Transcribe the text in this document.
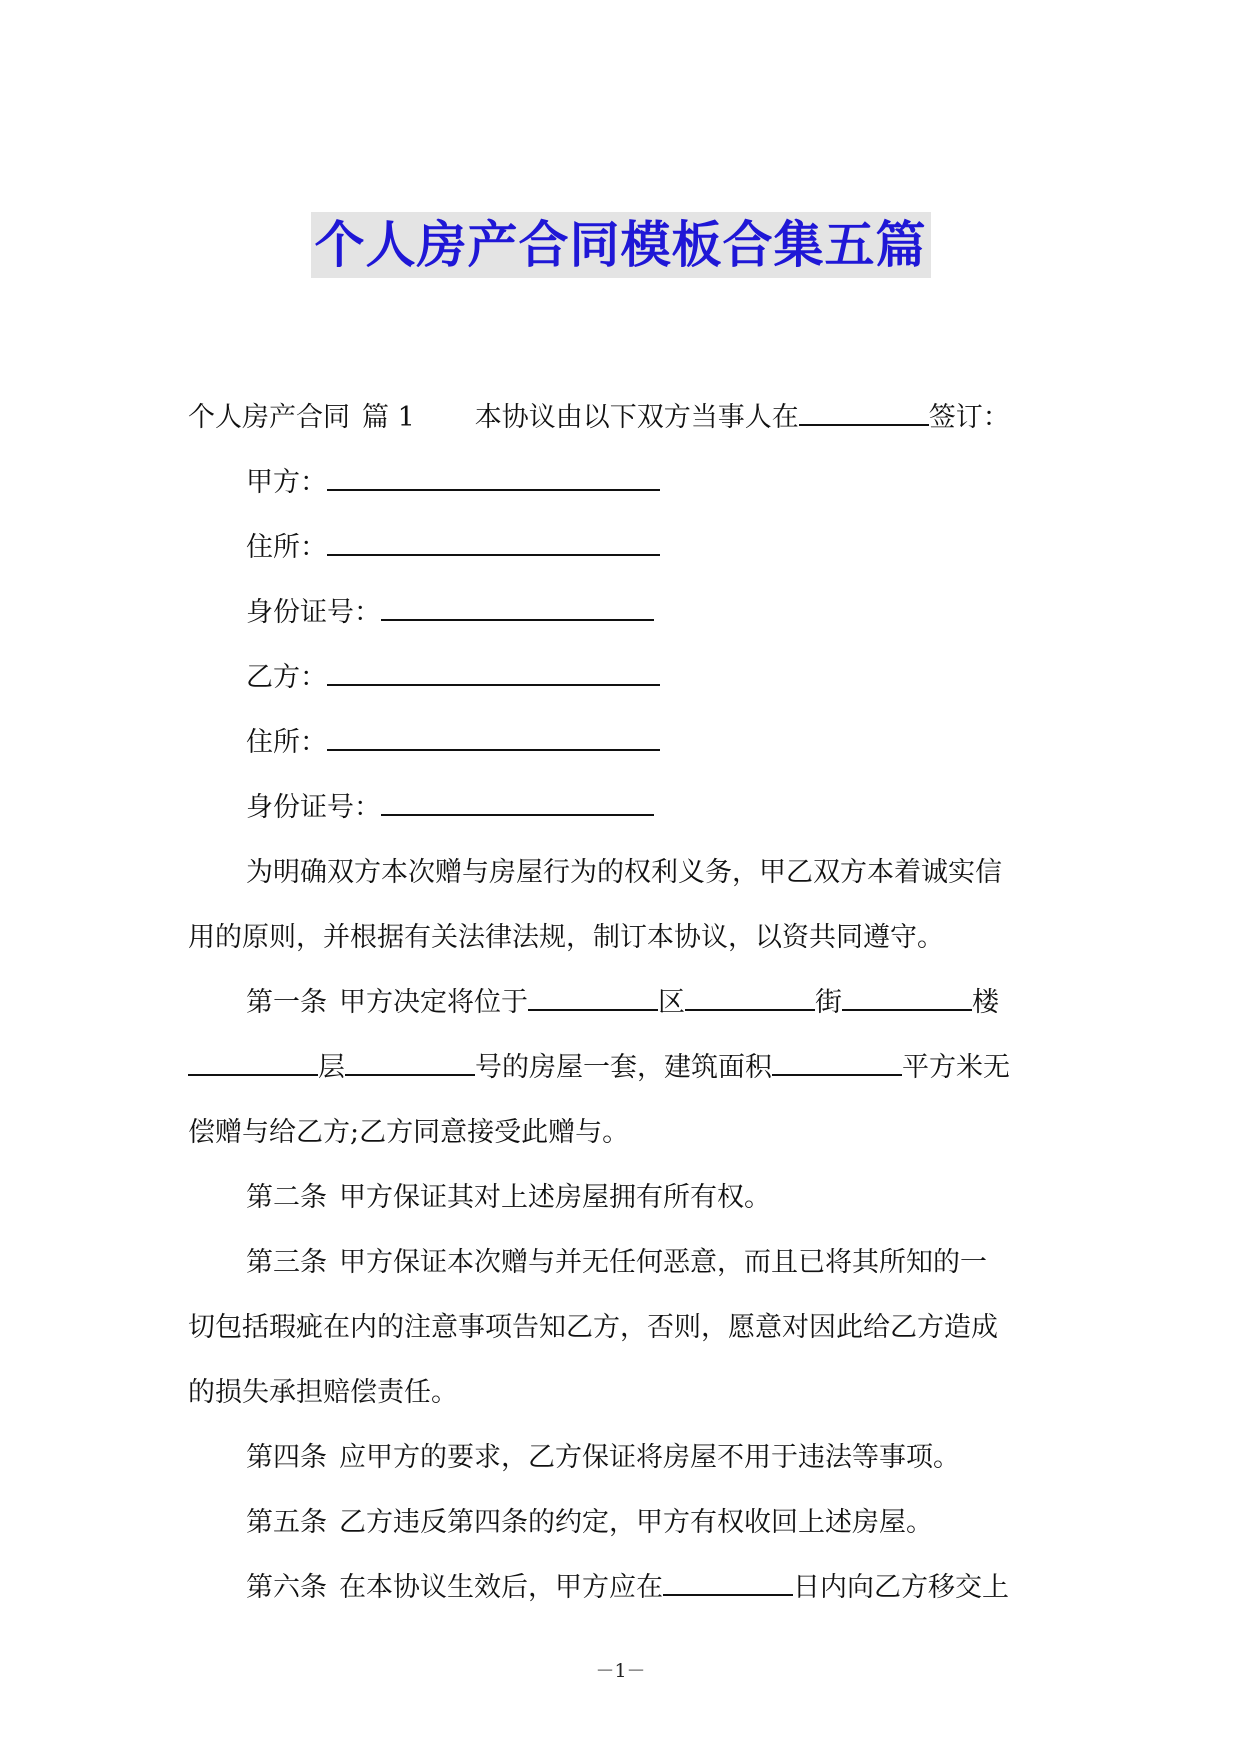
个人房产合同模板合集五篇
个人房产合同 篇 1 本协议由以下双方当事人在	签订：
甲方：
住所：
身份证号：
乙方：
住所：
身份证号：
为明确双方本次赠与房屋行为的权利义务，甲乙双方本着诚实信
用的原则，并根据有关法律法规，制订本协议，以资共同遵守。
第一条 甲方决定将位于	区	街	楼
层	号的房屋一套，建筑面积	平方米无
偿赠与给乙方;乙方同意接受此赠与。
第二条 甲方保证其对上述房屋拥有所有权。
第三条 甲方保证本次赠与并无任何恶意，而且已将其所知的一
切包括瑕疵在内的注意事项告知乙方，否则，愿意对因此给乙方造成
的损失承担赔偿责任。
第四条 应甲方的要求，乙方保证将房屋不用于违法等事项。
第五条 乙方违反第四条的约定，甲方有权收回上述房屋。
第六条 在本协议生效后，甲方应在	日内向乙方移交上
－1－
